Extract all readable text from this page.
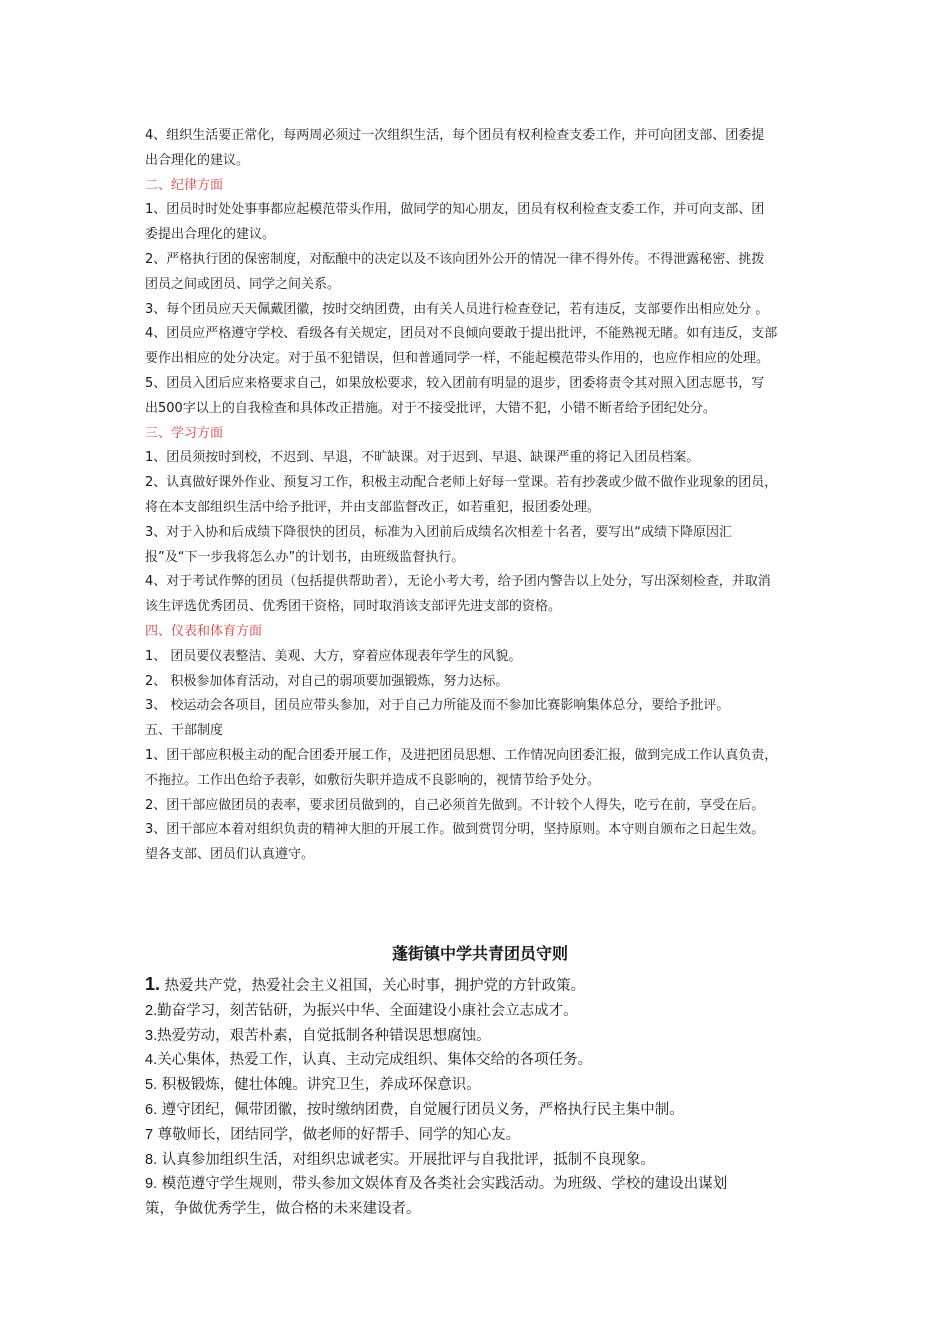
4、组织生活要正常化，每两周必须过一次组织生活，每个团员有权利检查支委工作，并可向团支部、团委提

出合理化的建议。

二、纪律方面

1、团员时时处处事事都应起模范带头作用，做同学的知心朋友，团员有权利检查支委工作，并可向支部、团

委提出合理化的建议。

2、严格执行团的保密制度，对酝酿中的决定以及不该向团外公开的情况一律不得外传。不得泄露秘密、挑拨

团员之间或团员、同学之间关系。

3、每个团员应天天佩戴团徽，按时交纳团费，由有关人员进行检查登记，若有违反，支部要作出相应处分 。

4、团员应严格遵守学校、看级各有关规定，团员对不良倾向要敢于提出批评，不能熟视无睹。如有违反，支部

要作出相应的处分决定。对于虽不犯错误，但和普通同学一样，不能起模范带头作用的，也应作相应的处理。

5、团员入团后应来格要求自己，如果放松要求，较入团前有明显的退步，团委将责令其对照入团志愿书，写

出500字以上的自我检查和具体改正措施。对于不接受批评，大错不犯，小错不断者给予团纪处分。

三、学习方面

1、团员须按时到校，不迟到、早退，不旷缺课。对于迟到、早退、缺课严重的将记入团员档案。

2、认真做好课外作业、预复习工作，积极主动配合老师上好每一堂课。若有抄袭或少做不做作业现象的团员，

将在本支部组织生活中给予批评，并由支部监督改正，如若重犯，报团委处理。

3、对于入协和后成绩下降很快的团员，标准为入团前后成绩名次相差十名者，要写出“成绩下降原因汇

报”及“下一步我将怎么办”的计划书，由班级监督执行。

4、对于考试作弊的团员（包括提供帮助者），无论小考大考，给予团内警告以上处分，写出深刻检查，并取消

该生评选优秀团员、优秀团干资格，同时取消该支部评先进支部的资格。

四、仪表和体育方面

1、 团员要仪表整洁、美观、大方，穿着应体现表年学生的风貌。

2、 积极参加体育活动，对自己的弱项要加强锻炼，努力达标。

3、 校运动会各项目，团员应带头参加，对于自己力所能及而不参加比赛影响集体总分，要给予批评。

五、干部制度

1、团干部应积极主动的配合团委开展工作，及进把团员思想、工作情况向团委汇报，做到完成工作认真负责，

不拖拉。工作出色给予表彰，如敷衍失职并造成不良影响的，视情节给予处分。

2、团干部应做团员的表率，要求团员做到的，自己必须首先做到。不计较个人得失，吃亏在前，享受在后。

3、团干部应本着对组织负责的精神大胆的开展工作。做到赏罚分明，坚持原则。本守则自颁布之日起生效。

望各支部、团员们认真遵守。

蓬街镇中学共青团员守则

1. 热爱共产党，热爱社会主义祖国，关心时事，拥护党的方针政策。

2.勤奋学习，刻苦钻研，为振兴中华、全面建设小康社会立志成才。

3.热爱劳动，艰苦朴素，自觉抵制各种错误思想腐蚀。

4.关心集体，热爱工作，认真、主动完成组织、集体交给的各项任务。

5. 积极锻炼，健壮体魄。讲究卫生，养成环保意识。

6. 遵守团纪，佩带团徽，按时缴纳团费，自觉履行团员义务，严格执行民主集中制。

7 尊敬师长，团结同学，做老师的好帮手、同学的知心友。

8. 认真参加组织生活，对组织忠诚老实。开展批评与自我批评，抵制不良现象。

9. 模范遵守学生规则，带头参加文娱体育及各类社会实践活动。为班级、学校的建设出谋划

策，争做优秀学生，做合格的未来建设者。
